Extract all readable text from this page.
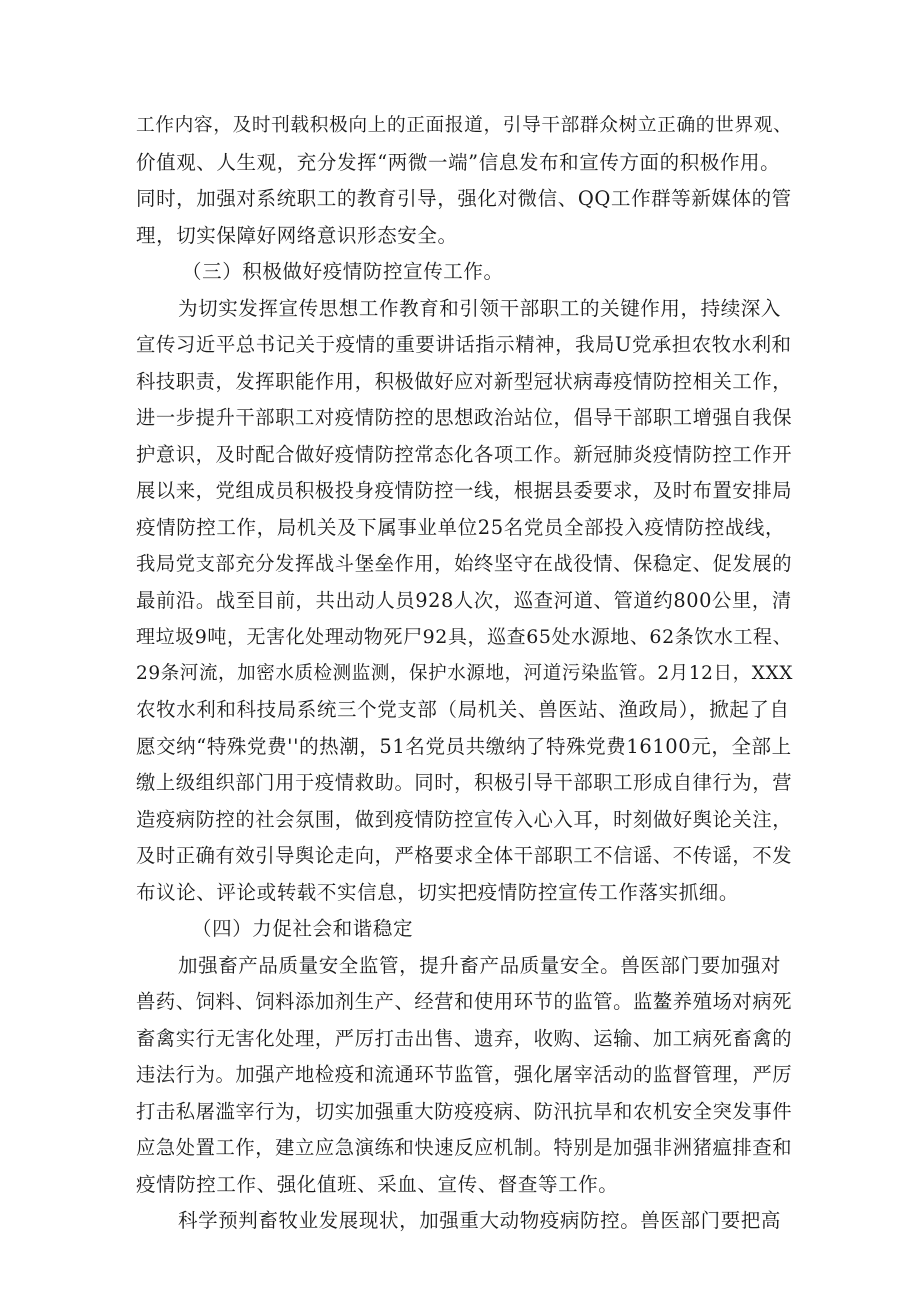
工作内容，及时刊载积极向上的正面报道，引导干部群众树立正确的世界观、
价值观、人生观，充分发挥“两微一端”信息发布和宣传方面的积极作用。
同时，加强对系统职工的教育引导，强化对微信、QQ工作群等新媒体的管
理，切实保障好网络意识形态安全。
（三）积极做好疫情防控宣传工作。
为切实发挥宣传思想工作教育和引领干部职工的关键作用，持续深入
宣传习近平总书记关于疫情的重要讲话指示精神，我局U党承担农牧水利和
科技职责，发挥职能作用，积极做好应对新型冠状病毒疫情防控相关工作，
进一步提升干部职工对疫情防控的思想政治站位，倡导干部职工增强自我保
护意识，及时配合做好疫情防控常态化各项工作。新冠肺炎疫情防控工作开
展以来，党组成员积极投身疫情防控一线，根据县委要求，及时布置安排局
疫情防控工作，局机关及下属事业单位25名党员全部投入疫情防控战线，
我局党支部充分发挥战斗堡垒作用，始终坚守在战役情、保稳定、促发展的
最前沿。战至目前，共出动人员928人次，巡查河道、管道约800公里，清
理垃圾9吨，无害化处理动物死尸92具，巡查65处水源地、62条饮水工程、
29条河流，加密水质检测监测，保护水源地，河道污染监管。2月12日，XXX
农牧水利和科技局系统三个党支部（局机关、兽医站、渔政局），掀起了自
愿交纳“特殊党费''的热潮，51名党员共缴纳了特殊党费16100元，全部上
缴上级组织部门用于疫情救助。同时，积极引导干部职工形成自律行为，营
造疫病防控的社会氛围，做到疫情防控宣传入心入耳，时刻做好舆论关注，
及时正确有效引导舆论走向，严格要求全体干部职工不信谣、不传谣，不发
布议论、评论或转载不实信息，切实把疫情防控宣传工作落实抓细。
（四）力促社会和谐稳定
加强畜产品质量安全监管，提升畜产品质量安全。兽医部门要加强对
兽药、饲料、饲料添加剂生产、经营和使用环节的监管。监鳌养殖场对病死
畜禽实行无害化处理，严厉打击出售、遗弃，收购、运输、加工病死畜禽的
违法行为。加强产地检疫和流通环节监管，强化屠宰活动的监督管理，严厉
打击私屠滥宰行为，切实加强重大防疫疫病、防汛抗旱和农机安全突发事件
应急处置工作，建立应急演练和快速反应机制。特别是加强非洲猪瘟排查和
疫情防控工作、强化值班、采血、宣传、督查等工作。
科学预判畜牧业发展现状，加强重大动物疫病防控。兽医部门要把高
